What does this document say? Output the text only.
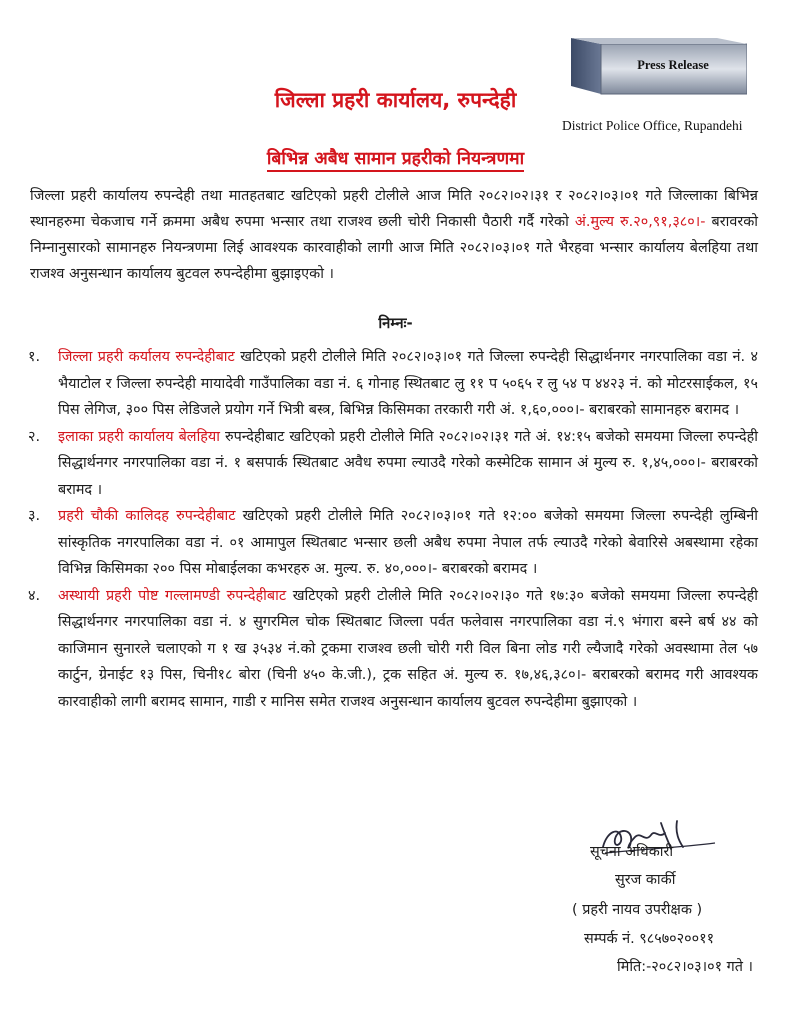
Press Release
जिल्ला प्रहरी कार्यालय, रुपन्देही
District Police Office, Rupandehi
बिभिन्न अबैध सामान प्रहरीको नियन्त्रणमा
जिल्ला प्रहरी कार्यालय रुपन्देही तथा मातहतबाट खटिएको प्रहरी टोलीले आज मिति २०८२।०२।३१ र २०८२।०३।०१ गते जिल्लाका बिभिन्न स्थानहरुमा चेकजाच गर्ने क्रममा अबैध रुपमा भन्सार तथा राजश्व छली चोरी निकासी पैठारी गर्दै गरेको अं.मुल्य रु.२०,९१,३८०।- बरावरको निम्नानुसारको सामानहरु नियन्त्रणमा लिई आवश्यक कारवाहीको लागी आज मिति २०८२।०३।०१ गते भैरहवा भन्सार कार्यालय बेलहिया तथा राजश्व अनुसन्धान कार्यालय बुटवल रुपन्देहीमा बुझाइएको ।
निम्नः-
१. जिल्ला प्रहरी कर्यालय रुपन्देहीबाट खटिएको प्रहरी टोलीले मिति २०८२।०३।०१ गते जिल्ला रुपन्देही सिद्धार्थनगर नगरपालिका वडा नं. ४ भैयाटोल र जिल्ला रुपन्देही मायादेवी गाउँपालिका वडा नं. ६ गोनाह स्थितबाट लु ११ प ५०६५ र लु ५४ प ४४२३ नं. को मोटरसाईकल, १५ पिस लेगिज, ३०० पिस लेडिजले प्रयोग गर्ने भित्री बस्त्र, बिभिन्न किसिमका तरकारी गरी अं. १,६०,०००।- बराबरको सामानहरु बरामद ।
२. इलाका प्रहरी कार्यालय बेलहिया रुपन्देहीबाट खटिएको प्रहरी टोलीले मिति २०८२।०२।३१ गते अं. १४:१५ बजेको समयमा जिल्ला रुपन्देही सिद्धार्थनगर नगरपालिका वडा नं. १ बसपार्क स्थितबाट अवैध रुपमा ल्याउदै गरेको कस्मेटिक सामान अं मुल्य रु. १,४५,०००।- बराबरको बरामद ।
३. प्रहरी चौकी कालिदह रुपन्देहीबाट खटिएको प्रहरी टोलीले मिति २०८२।०३।०१ गते १२:०० बजेको समयमा जिल्ला रुपन्देही लुम्बिनी सांस्कृतिक नगरपालिका वडा नं. ०१ आमापुल स्थितबाट भन्सार छली अबैध रुपमा नेपाल तर्फ ल्याउदै गरेको बेवारिसे अबस्थामा रहेका विभिन्न किसिमका २०० पिस मोबाईलका कभरहरु अ. मुल्य. रु. ४०,०००।- बराबरको बरामद ।
४. अस्थायी प्रहरी पोष्ट गल्लामण्डी रुपन्देहीबाट खटिएको प्रहरी टोलीले मिति २०८२।०२।३० गते १७:३० बजेको समयमा जिल्ला रुपन्देही सिद्धार्थनगर नगरपालिका वडा नं. ४ सुगरमिल चोक स्थितबाट जिल्ला पर्वत फलेवास नगरपालिका वडा नं.९ भंगारा बस्ने बर्ष ४४ को काजिमान सुनारले चलाएको ग १ ख ३५३४ नं.को ट्रकमा राजश्व छली चोरी गरी विल बिना लोड गरी ल्यैजादै गरेको अवस्थामा तेल ५७ कार्टुन, ग्रेनाईट १३ पिस, चिनी१८ बोरा (चिनी ४५० के.जी.), ट्रक सहित अं. मुल्य रु. १७,४६,३८०।- बराबरको बरामद गरी आवश्यक कारवाहीको लागी बरामद सामान, गाडी र मानिस समेत राजश्व अनुसन्धान कार्यालय बुटवल रुपन्देहीमा बुझाएको ।
सूचना अधिकारी
सुरज कार्की
( प्रहरी नायव उपरीक्षक )
सम्पर्क नं. ९८५७०२००११
मिति:-२०८२।०३।०१ गते ।
